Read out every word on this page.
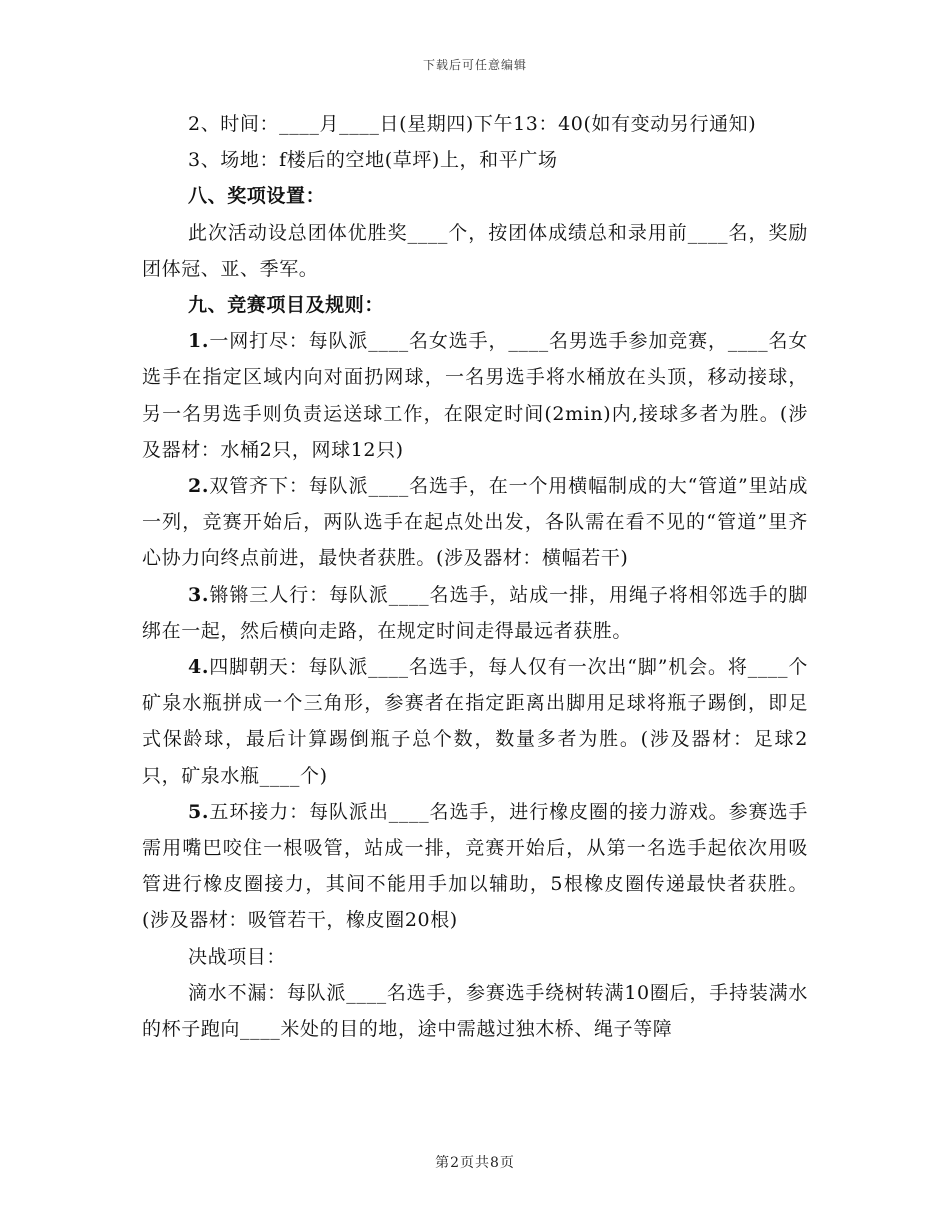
下载后可任意编辑

2、时间：____月____日(星期四)下午13：40(如有变动另行通知)

3、场地：f楼后的空地(草坪)上，和平广场

八、奖项设置：

此次活动设总团体优胜奖____个，按团体成绩总和录用前____名，奖励团体冠、亚、季军。

九、竞赛项目及规则：

1.一网打尽：每队派____名女选手，____名男选手参加竞赛，____名女选手在指定区域内向对面扔网球，一名男选手将水桶放在头顶，移动接球，另一名男选手则负责运送球工作，在限定时间(2min)内,接球多者为胜。(涉及器材：水桶2只，网球12只)

2.双管齐下：每队派____名选手，在一个用横幅制成的大“管道”里站成一列，竞赛开始后，两队选手在起点处出发，各队需在看不见的“管道”里齐心协力向终点前进，最快者获胜。(涉及器材：横幅若干)

3.锵锵三人行：每队派____名选手，站成一排，用绳子将相邻选手的脚绑在一起，然后横向走路，在规定时间走得最远者获胜。

4.四脚朝天：每队派____名选手，每人仅有一次出“脚”机会。将____个矿泉水瓶拼成一个三角形，参赛者在指定距离出脚用足球将瓶子踢倒，即足式保龄球，最后计算踢倒瓶子总个数，数量多者为胜。(涉及器材：足球2只，矿泉水瓶____个)

5.五环接力：每队派出____名选手，进行橡皮圈的接力游戏。参赛选手需用嘴巴咬住一根吸管，站成一排，竞赛开始后，从第一名选手起依次用吸管进行橡皮圈接力，其间不能用手加以辅助，5根橡皮圈传递最快者获胜。(涉及器材：吸管若干，橡皮圈20根)

决战项目：

滴水不漏：每队派____名选手，参赛选手绕树转满10圈后，手持装满水的杯子跑向____米处的目的地，途中需越过独木桥、绳子等障

第2页共8页
